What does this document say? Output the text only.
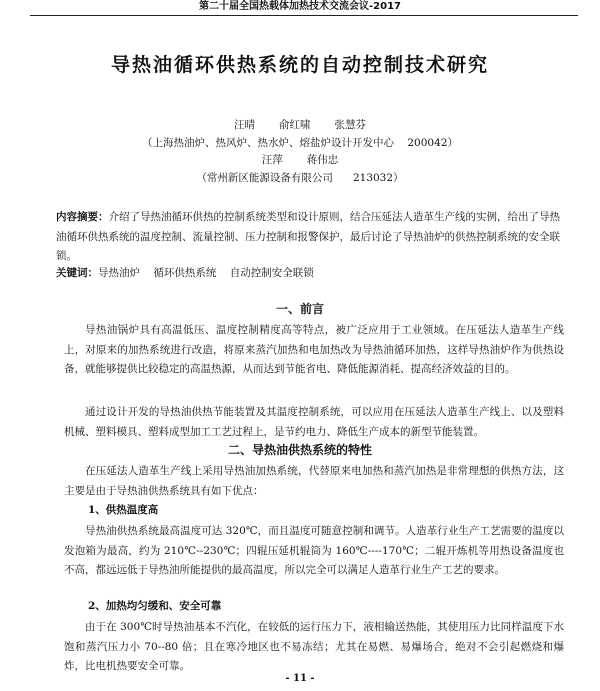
第二十届全国热载体加热技术交流会议-2017
导热油循环供热系统的自动控制技术研究
汪晴 俞红啸 张慧芬
（上海热油炉、热风炉、热水炉、熔盐炉设计开发中心    200042）
汪萍 蒋伟忠
（常州新区能源设备有限公司      213032）
内容摘要：介绍了导热油循环供热的控制系统类型和设计原则，结合压延法人造革生产线的实例，给出了导热油循环供热系统的温度控制、流量控制、压力控制和报警保护，最后讨论了导热油炉的供热控制系统的安全联锁。
关键词：导热油炉    循环供热系统    自动控制安全联锁
一、前言
导热油锅炉具有高温低压、温度控制精度高等特点，被广泛应用于工业领域。在压延法人造革生产线上，对原来的加热系统进行改造，将原来蒸汽加热和电加热改为导热油循环加热，这样导热油炉作为供热设备，就能够提供比较稳定的高温热源，从而达到节能省电、降低能源消耗、提高经济效益的目的。
通过设计开发的导热油供热节能装置及其温度控制系统，可以应用在压延法人造革生产线上、以及塑料机械、塑料模具、塑料成型加工工艺过程上，是节约电力、降低生产成本的新型节能装置。
二、导热油供热系统的特性
在压延法人造革生产线上采用导热油加热系统，代替原来电加热和蒸汽加热是非常理想的供热方法，这主要是由于导热油供热系统具有如下优点：
1、供热温度高
导热油供热系统最高温度可达 320℃，而且温度可随意控制和调节。人造革行业生产工艺需要的温度以发泡箱为最高，约为 210℃--230℃；四辊压延机辊筒为 160℃----170℃；二辊开炼机等用热设备温度也不高，都远远低于导热油所能提供的最高温度，所以完全可以满足人造革行业生产工艺的要求。
2、加热均匀缓和、安全可靠
由于在 300℃时导热油基本不汽化，在较低的运行压力下，液相输送热能，其使用压力比同样温度下水饱和蒸汽压力小 70--80 倍；且在寒冷地区也不易冻结；尤其在易燃、易爆场合，绝对不会引起燃烧和爆炸，比电机热要安全可靠。
- 11 -
